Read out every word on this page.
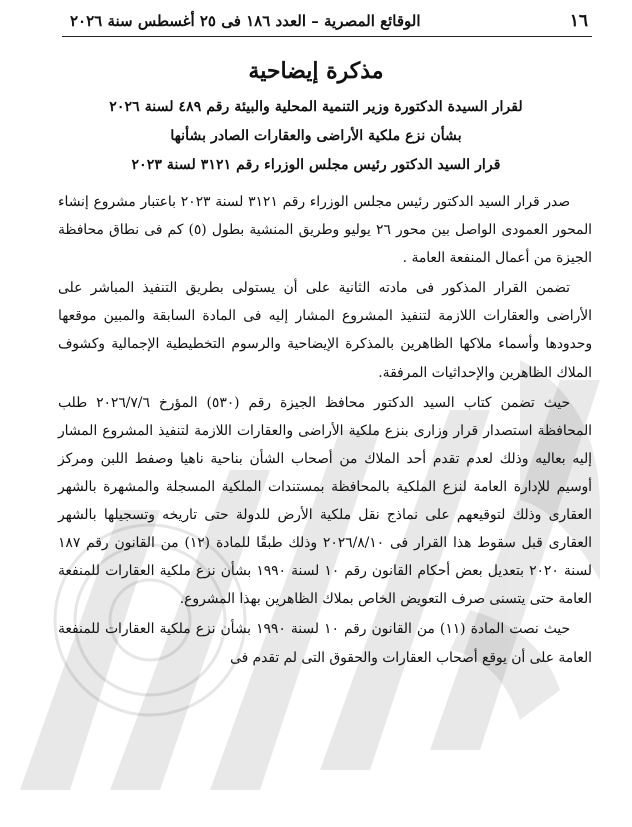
١٦
الوقائع المصرية – العدد ١٨٦ فى ٢٥ أغسطس سنة ٢٠٢٦
مذكرة إيضاحية
لقرار السيدة الدكتورة وزير التنمية المحلية والبيئة رقم ٤٨٩ لسنة ٢٠٢٦
بشأن نزع ملكية الأراضى والعقارات الصادر بشأنها
قرار السيد الدكتور رئيس مجلس الوزراء رقم ٣١٢١ لسنة ٢٠٢٣

صدر قرار السيد الدكتور رئيس مجلس الوزراء رقم ٣١٢١ لسنة ٢٠٢٣ باعتبار مشروع إنشاء المحور العمودى الواصل بين محور ٢٦ يوليو وطريق المنشية بطول (٥) كم فى نطاق محافظة الجيزة من أعمال المنفعة العامة .

تضمن القرار المذكور فى مادته الثانية على أن يستولى بطريق التنفيذ المباشر على الأراضى والعقارات اللازمة لتنفيذ المشروع المشار إليه فى المادة السابقة والمبين موقعها وحدودها وأسماء ملاكها الظاهرين بالمذكرة الإيضاحية والرسوم التخطيطية الإجمالية وكشوف الملاك الظاهرين والإحداثيات المرفقة.

حيث تضمن كتاب السيد الدكتور محافظ الجيزة رقم (٥٣٠) المؤرخ ٢٠٢٦/٧/٦ طلب المحافظة استصدار قرار وزارى بنزع ملكية الأراضى والعقارات اللازمة لتنفيذ المشروع المشار إليه بعاليه وذلك لعدم تقدم أحد الملاك من أصحاب الشأن بناحية ناهيا وصفط اللبن ومركز أوسيم للإدارة العامة لنزع الملكية بالمحافظة بمستندات الملكية المسجلة والمشهرة بالشهر العقارى وذلك لتوقيعهم على نماذج نقل ملكية الأرض للدولة حتى تاريخه وتسجيلها بالشهر العقارى قبل سقوط هذا القرار فى ٢٠٢٦/٨/١٠ وذلك طبقًا للمادة (١٢) من القانون رقم ١٨٧ لسنة ٢٠٢٠ بتعديل بعض أحكام القانون رقم ١٠ لسنة ١٩٩٠ بشأن نزع ملكية العقارات للمنفعة العامة حتى يتسنى صرف التعويض الخاص بملاك الظاهرين بهذا المشروع.

حيث نصت المادة (١١) من القانون رقم ١٠ لسنة ١٩٩٠ بشأن نزع ملكية العقارات للمنفعة العامة على أن يوقع أصحاب العقارات والحقوق التى لم تقدم فى
